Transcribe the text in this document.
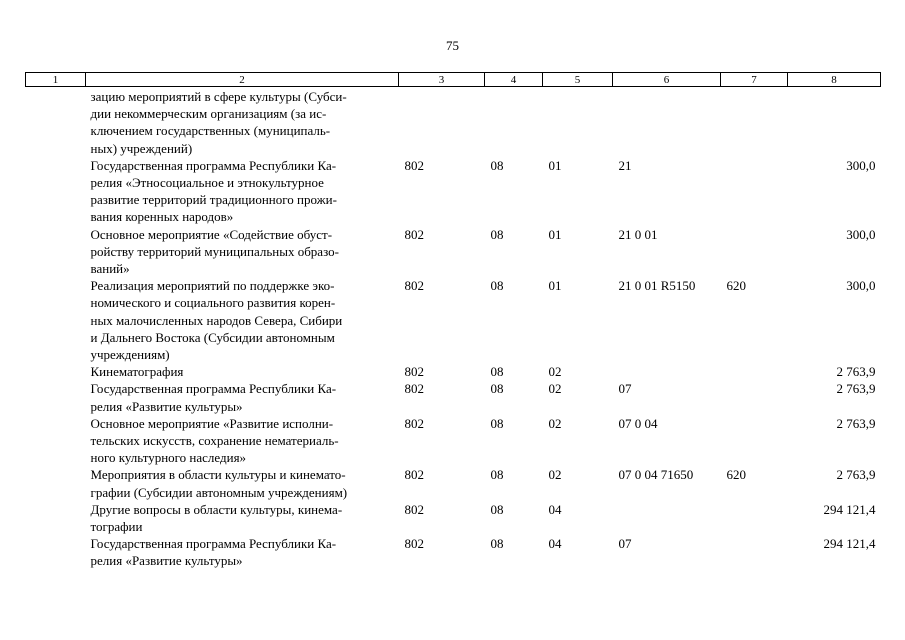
75
1	2	3	4	5	6	7	8
	зацию мероприятий в сфере культуры (Субси-
дии некоммерческим организациям (за ис-
ключением государственных (муниципаль-
ных) учреждений)						
	Государственная программа Республики Ка-
релия «Этносоциальное и этнокультурное
развитие территорий традиционного прожи-
вания коренных народов»	802	08	01	21		300,0
	Основное мероприятие «Содействие обуст-
ройству территорий муниципальных образо-
ваний»	802	08	01	21 0 01		300,0
	Реализация мероприятий по поддержке эко-
номического и социального развития корен-
ных малочисленных народов Севера, Сибири
и Дальнего Востока (Субсидии автономным
учреждениям)	802	08	01	21 0 01 R5150	620	300,0
	Кинематография	802	08	02			2 763,9
	Государственная программа Республики Ка-
релия «Развитие культуры»	802	08	02	07		2 763,9
	Основное мероприятие «Развитие исполни-
тельских искусств, сохранение нематериаль-
ного культурного наследия»	802	08	02	07 0 04		2 763,9
	Мероприятия в области культуры и кинемато-
графии (Субсидии автономным учреждениям)	802	08	02	07 0 04 71650	620	2 763,9
	Другие вопросы в области культуры, кинема-
тографии	802	08	04			294 121,4
	Государственная программа Республики Ка-
релия «Развитие культуры»	802	08	04	07		294 121,4
